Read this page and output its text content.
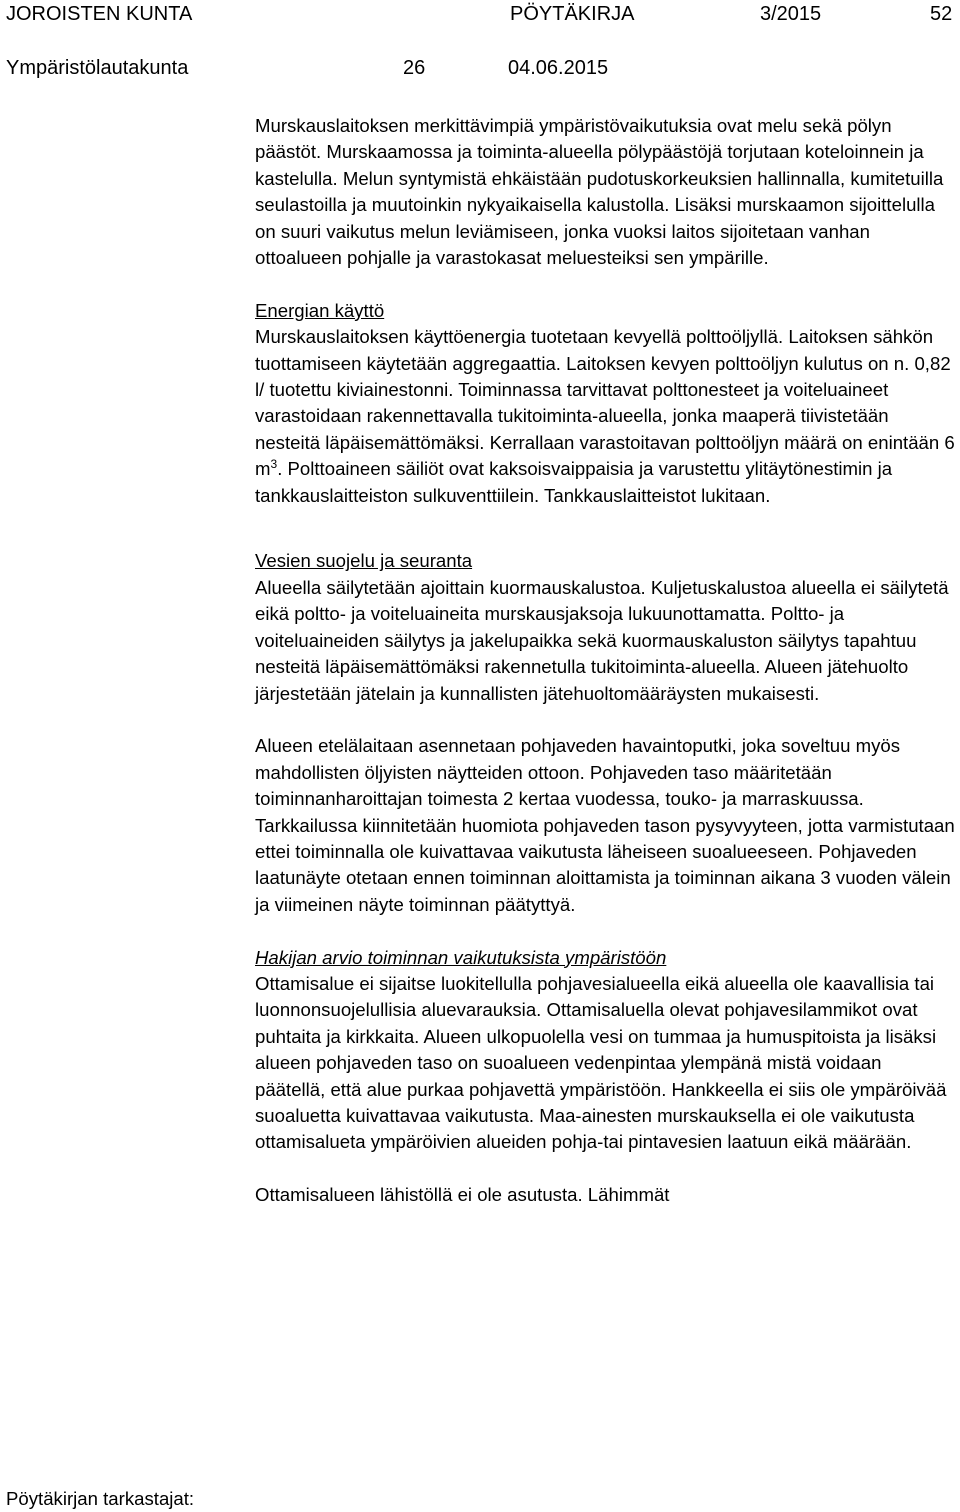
JOROISTEN KUNTA	PÖYTÄKIRJA	3/2015	52
Ympäristölautakunta	26	04.06.2015

Murskauslaitoksen merkittävimpiä ympäristövaikutuksia ovat melu sekä pölyn päästöt. Murskaamossa ja toiminta-alueella pölypäästöjä torjutaan koteloinnein ja kastelulla. Melun syntymistä ehkäistään pudotuskorkeuksien hallinnalla, kumitetuilla seulastoilla ja muutoinkin nykyaikaisella kalustolla. Lisäksi murskaamon sijoittelulla on suuri vaikutus melun leviämiseen, jonka vuoksi laitos sijoitetaan vanhan ottoalueen pohjalle ja varastokasat meluesteiksi sen ympärille.

Energian käyttö

Murskauslaitoksen käyttöenergia tuotetaan kevyellä polttoöljyllä. Laitoksen sähkön tuottamiseen käytetään aggregaattia. Laitoksen kevyen polttoöljyn kulutus on n. 0,82 l/ tuotettu kiviainestonni. Toiminnassa tarvittavat polttonesteet ja voiteluaineet varastoidaan rakennettavalla tukitoiminta-alueella, jonka maaperä tiivistetään nesteitä läpäisemättömäksi. Kerrallaan varastoitavan polttoöljyn määrä on enintään 6 $m^3$. Polttoaineen säiliöt ovat kaksoisvaippaisia ja varustettu ylitäytönestimin ja tankkauslaitteiston sulkuventtiilein. Tankkauslaitteistot lukitaan.

Vesien suojelu ja seuranta

Alueella säilytetään ajoittain kuormauskalustoa. Kuljetuskalustoa alueella ei säilytetä eikä poltto- ja voiteluaineita murskausjaksoja lukuunottamatta. Poltto- ja voiteluaineiden säilytys ja jakelupaikka sekä kuormauskaluston säilytys tapahtuu nesteitä läpäisemättömäksi rakennetulla tukitoiminta-alueella. Alueen jätehuolto järjestetään jätelain ja kunnallisten jätehuoltomääräysten mukaisesti.

Alueen etelälaitaan asennetaan pohjaveden havaintoputki, joka soveltuu myös mahdollisten öljyisten näytteiden ottoon. Pohjaveden taso määritetään toiminnanharoittajan toimesta 2 kertaa vuodessa, touko- ja marraskuussa. Tarkkailussa kiinnitetään huomiota pohjaveden tason pysyvyyteen, jotta varmistutaan ettei toiminnalla ole kuivattavaa vaikutusta läheiseen suoalueeseen. Pohjaveden laatunäyte otetaan ennen toiminnan aloittamista ja toiminnan aikana 3 vuoden välein ja viimeinen näyte toiminnan päätyttyä.

Hakijan arvio toiminnan vaikutuksista ympäristöön

Ottamisalue ei sijaitse luokitellulla pohjavesialueella eikä alueella ole kaavallisia tai luonnonsuojelullisia aluevarauksia. Ottamisaluella olevat pohjavesilammikot ovat puhtaita ja kirkkaita. Alueen ulkopuolella vesi on tummaa ja humuspitoista ja lisäksi alueen pohjaveden taso on suoalueen vedenpintaa ylempänä mistä voidaan päätellä, että alue purkaa pohjavettä ympäristöön. Hankkeella ei siis ole ympäröivää suoaluetta kuivattavaa vaikutusta. Maa-ainesten murskauksella ei ole vaikutusta ottamisalueta ympäröivien alueiden pohja-tai pintavesien laatuun eikä määrään.

Ottamisalueen lähistöllä ei ole asutusta. Lähimmät

Pöytäkirjan tarkastajat:
